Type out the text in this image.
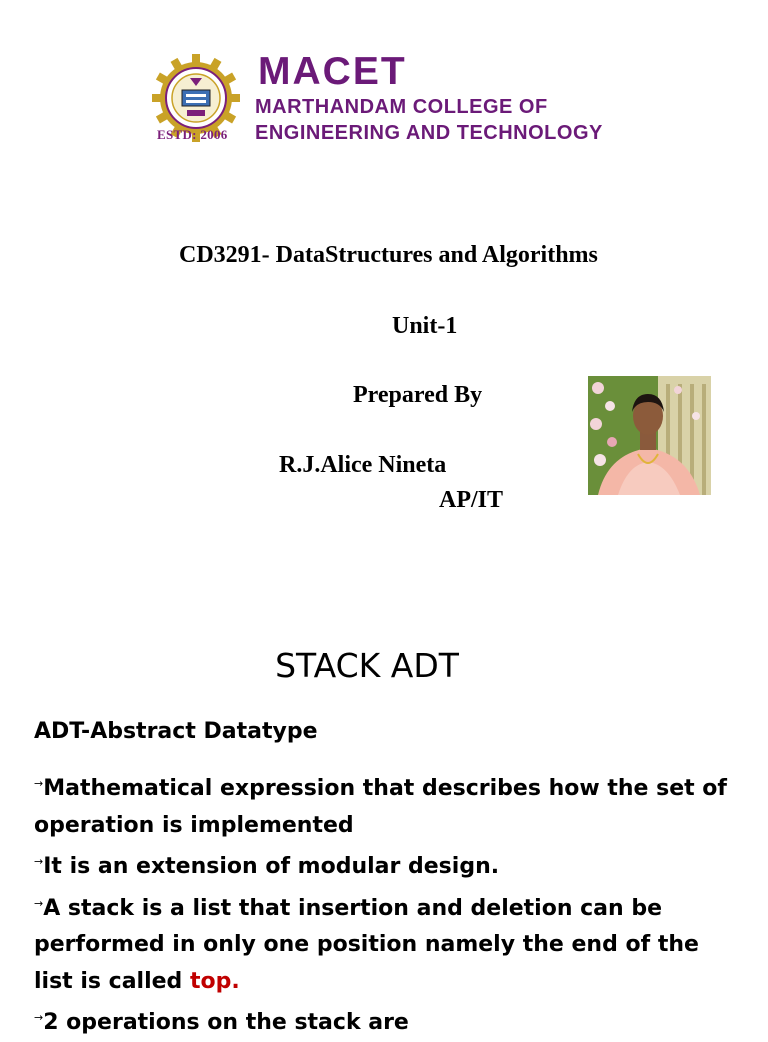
ESTD: 2006
MACET
MARTHANDAM COLLEGE OF
ENGINEERING AND TECHNOLOGY
CD3291- DataStructures and Algorithms
Unit-1
Prepared By
R.J.Alice Nineta
AP/IT
STACK ADT
ADT-Abstract Datatype

→Mathematical expression that describes how the set of operation is implemented

→It is an extension of modular design.

→A stack is a list that insertion and deletion can be performed in only one position namely the end of the list is called top.

→2 operations on the stack are
